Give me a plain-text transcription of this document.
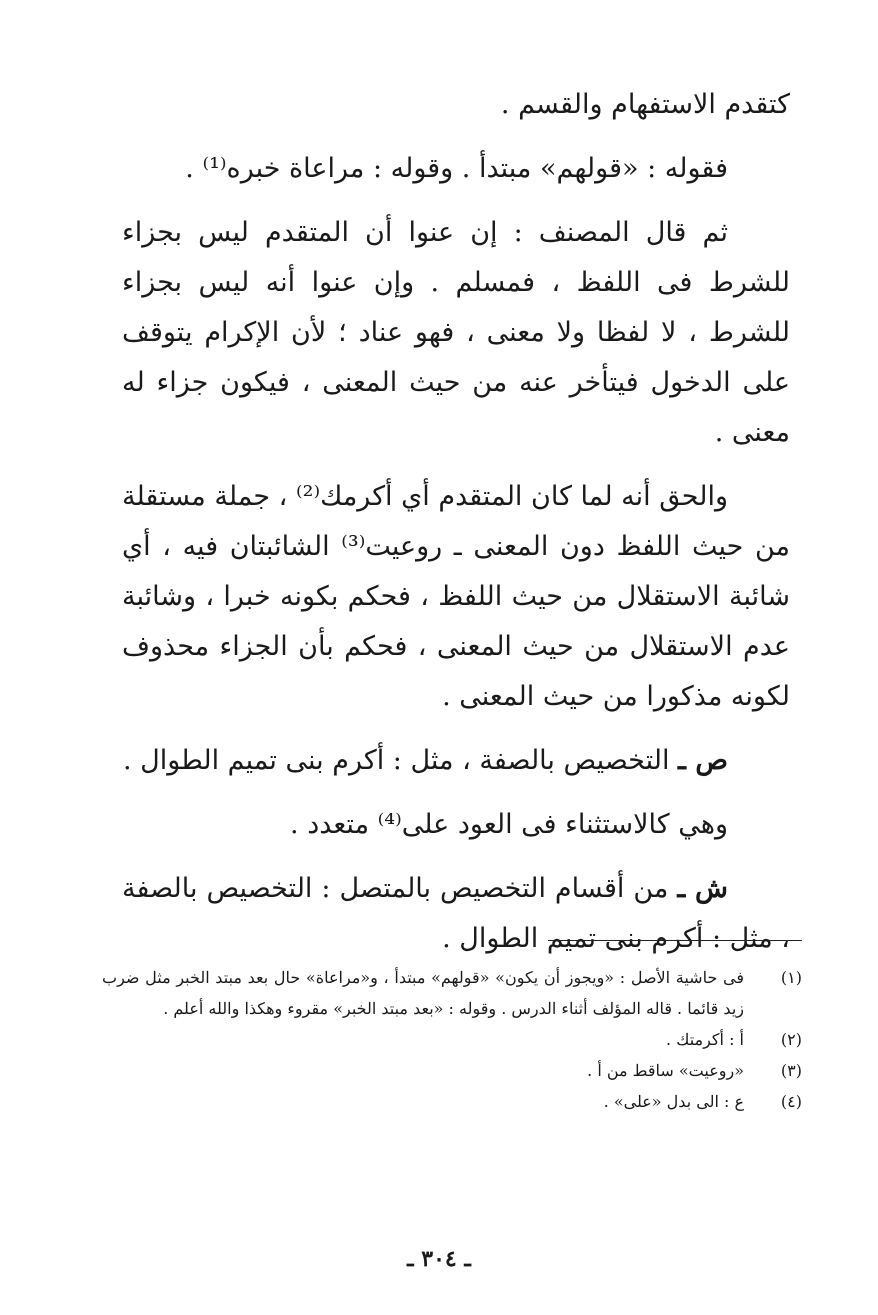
كتقدم الاستفهام والقسم .

فقوله : «قولهم» مبتدأ . وقوله : مراعاة خبره⁽¹⁾ .

ثم قال المصنف : إن عنوا أن المتقدم ليس بجزاء للشرط فى اللفظ ، فمسلم . وإن عنوا أنه ليس بجزاء للشرط ، لا لفظا ولا معنى ، فهو عناد ؛ لأن الإكرام يتوقف على الدخول فيتأخر عنه من حيث المعنى ، فيكون جزاء له معنى .

والحق أنه لما كان المتقدم أي أكرمك⁽²⁾ ، جملة مستقلة من حيث اللفظ دون المعنى ـ روعيت⁽³⁾ الشائبتان فيه ، أي شائبة الاستقلال من حيث اللفظ ، فحكم بكونه خبرا ، وشائبة عدم الاستقلال من حيث المعنى ، فحكم بأن الجزاء محذوف لكونه مذكورا من حيث المعنى .

ص ـ التخصيص بالصفة ، مثل : أكرم بنى تميم الطوال .

وهي كالاستثناء فى العود على⁽⁴⁾ متعدد .

ش ـ من أقسام التخصيص بالمتصل : التخصيص بالصفة ، مثل : أكرم بنى تميم الطوال .

(١)
فى حاشية الأصل : «ويجوز أن يكون» «قولهم» مبتدأ ، و«مراعاة» حال بعد مبتد الخبر مثل ضرب زيد قائما . قاله المؤلف أثناء الدرس . وقوله : «بعد مبتد الخبر» مقروء وهكذا والله أعلم .
(٢)
أ : أكرمتك .
(٣)
«روعيت» ساقط من أ .
(٤)
ع : الى بدل «على» .
ـ ٣٠٤ ـ
